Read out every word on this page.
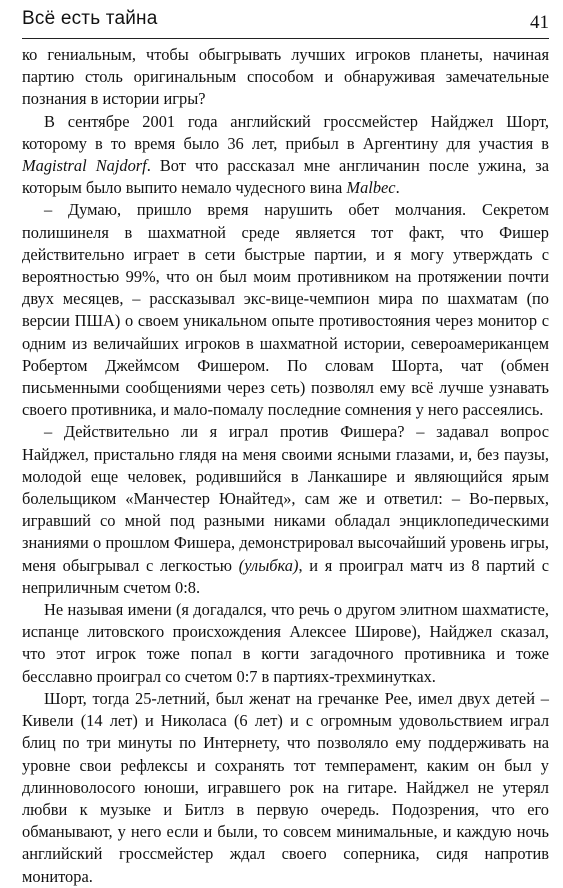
Всё есть тайна	41

ко гениальным, чтобы обыгрывать лучших игроков планеты, начиная партию столь оригинальным способом и обнаруживая замечательные познания в истории игры?

В сентябре 2001 года английский гроссмейстер Найджел Шорт, которому в то время было 36 лет, прибыл в Аргентину для участия в Magistral Najdorf. Вот что рассказал мне англичанин после ужина, за которым было выпито немало чудесного вина Malbec.

– Думаю, пришло время нарушить обет молчания. Секретом полишинеля в шахматной среде является тот факт, что Фишер действительно играет в сети быстрые партии, и я могу утверждать с вероятностью 99%, что он был моим противником на протяжении почти двух месяцев, – рассказывал экс-вице-чемпион мира по шахматам (по версии ПША) о своем уникальном опыте противостояния через монитор с одним из величайших игроков в шахматной истории, североамериканцем Робертом Джеймсом Фишером. По словам Шорта, чат (обмен письменными сообщениями через сеть) позволял ему всё лучше узнавать своего противника, и мало-помалу последние сомнения у него рассеялись.

– Действительно ли я играл против Фишера? – задавал вопрос Найджел, пристально глядя на меня своими ясными глазами, и, без паузы, молодой еще человек, родившийся в Ланкашире и являющийся ярым болельщиком «Манчестер Юнайтед», сам же и ответил: – Во-первых, игравший со мной под разными никами обладал энциклопедическими знаниями о прошлом Фишера, демонстрировал высочайший уровень игры, меня обыгрывал с легкостью (улыбка), и я проиграл матч из 8 партий с неприличным счетом 0:8.

Не называя имени (я догадался, что речь о другом элитном шахматисте, испанце литовского происхождения Алексее Широве), Найджел сказал, что этот игрок тоже попал в когти загадочного противника и тоже бесславно проиграл со счетом 0:7 в партиях-трехминутках.

Шорт, тогда 25-летний, был женат на гречанке Рее, имел двух детей – Кивели (14 лет) и Николаса (6 лет) и с огромным удовольствием играл блиц по три минуты по Интернету, что позволяло ему поддерживать на уровне свои рефлексы и сохранять тот темперамент, каким он был у длинноволосого юноши, игравшего рок на гитаре. Найджел не утерял любви к музыке и Битлз в первую очередь. Подозрения, что его обманывают, у него если и были, то совсем минимальные, и каждую ночь английский гроссмейстер ждал своего соперника, сидя напротив монитора.
